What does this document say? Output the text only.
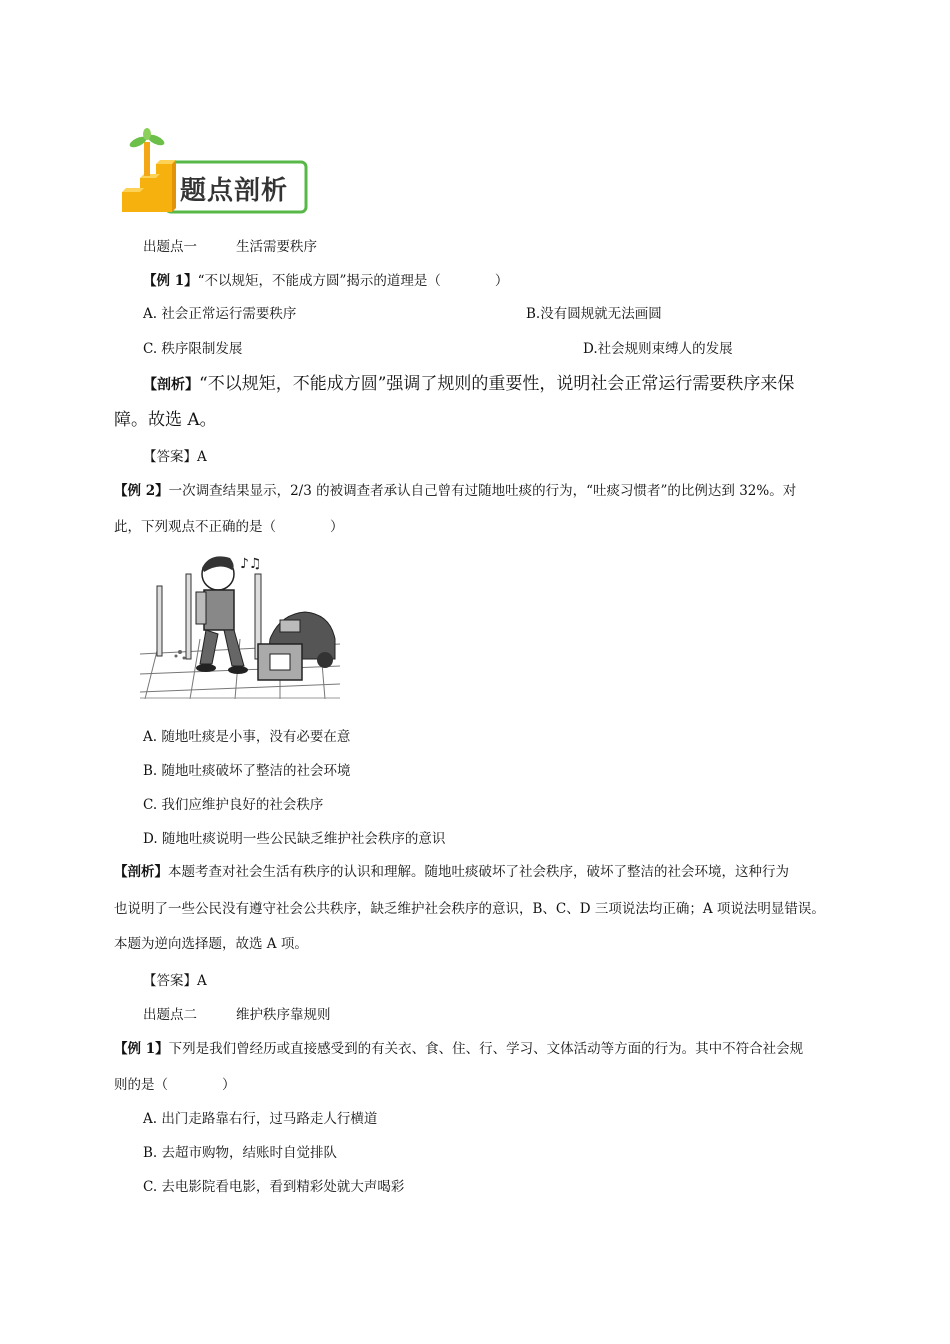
题点剖析
出题点一	生活需要秩序
【例 1】“不以规矩，不能成方圆”揭示的道理是（　　　　）
A. 社会正常运行需要秩序	B.没有圆规就无法画圆
C. 秩序限制发展	D.社会规则束缚人的发展
【剖析】“不以规矩，不能成方圆”强调了规则的重要性，说明社会正常运行需要秩序来保
障。故选 A。
【答案】A
【例 2】一次调查结果显示，2/3 的被调查者承认自己曾有过随地吐痰的行为，“吐痰习惯者”的比例达到 32%。对
此，下列观点不正确的是（　　　　）
♪♫
A. 随地吐痰是小事，没有必要在意
B. 随地吐痰破坏了整洁的社会环境
C. 我们应维护良好的社会秩序
D. 随地吐痰说明一些公民缺乏维护社会秩序的意识
【剖析】本题考查对社会生活有秩序的认识和理解。随地吐痰破坏了社会秩序，破坏了整洁的社会环境，这种行为
也说明了一些公民没有遵守社会公共秩序，缺乏维护社会秩序的意识，B、C、D 三项说法均正确；A 项说法明显错误。
本题为逆向选择题，故选 A 项。
【答案】A
出题点二	维护秩序靠规则
【例 1】下列是我们曾经历或直接感受到的有关衣、食、住、行、学习、文体活动等方面的行为。其中不符合社会规
则的是（　　　　）
A. 出门走路靠右行，过马路走人行横道
B. 去超市购物，结账时自觉排队
C. 去电影院看电影，看到精彩处就大声喝彩
